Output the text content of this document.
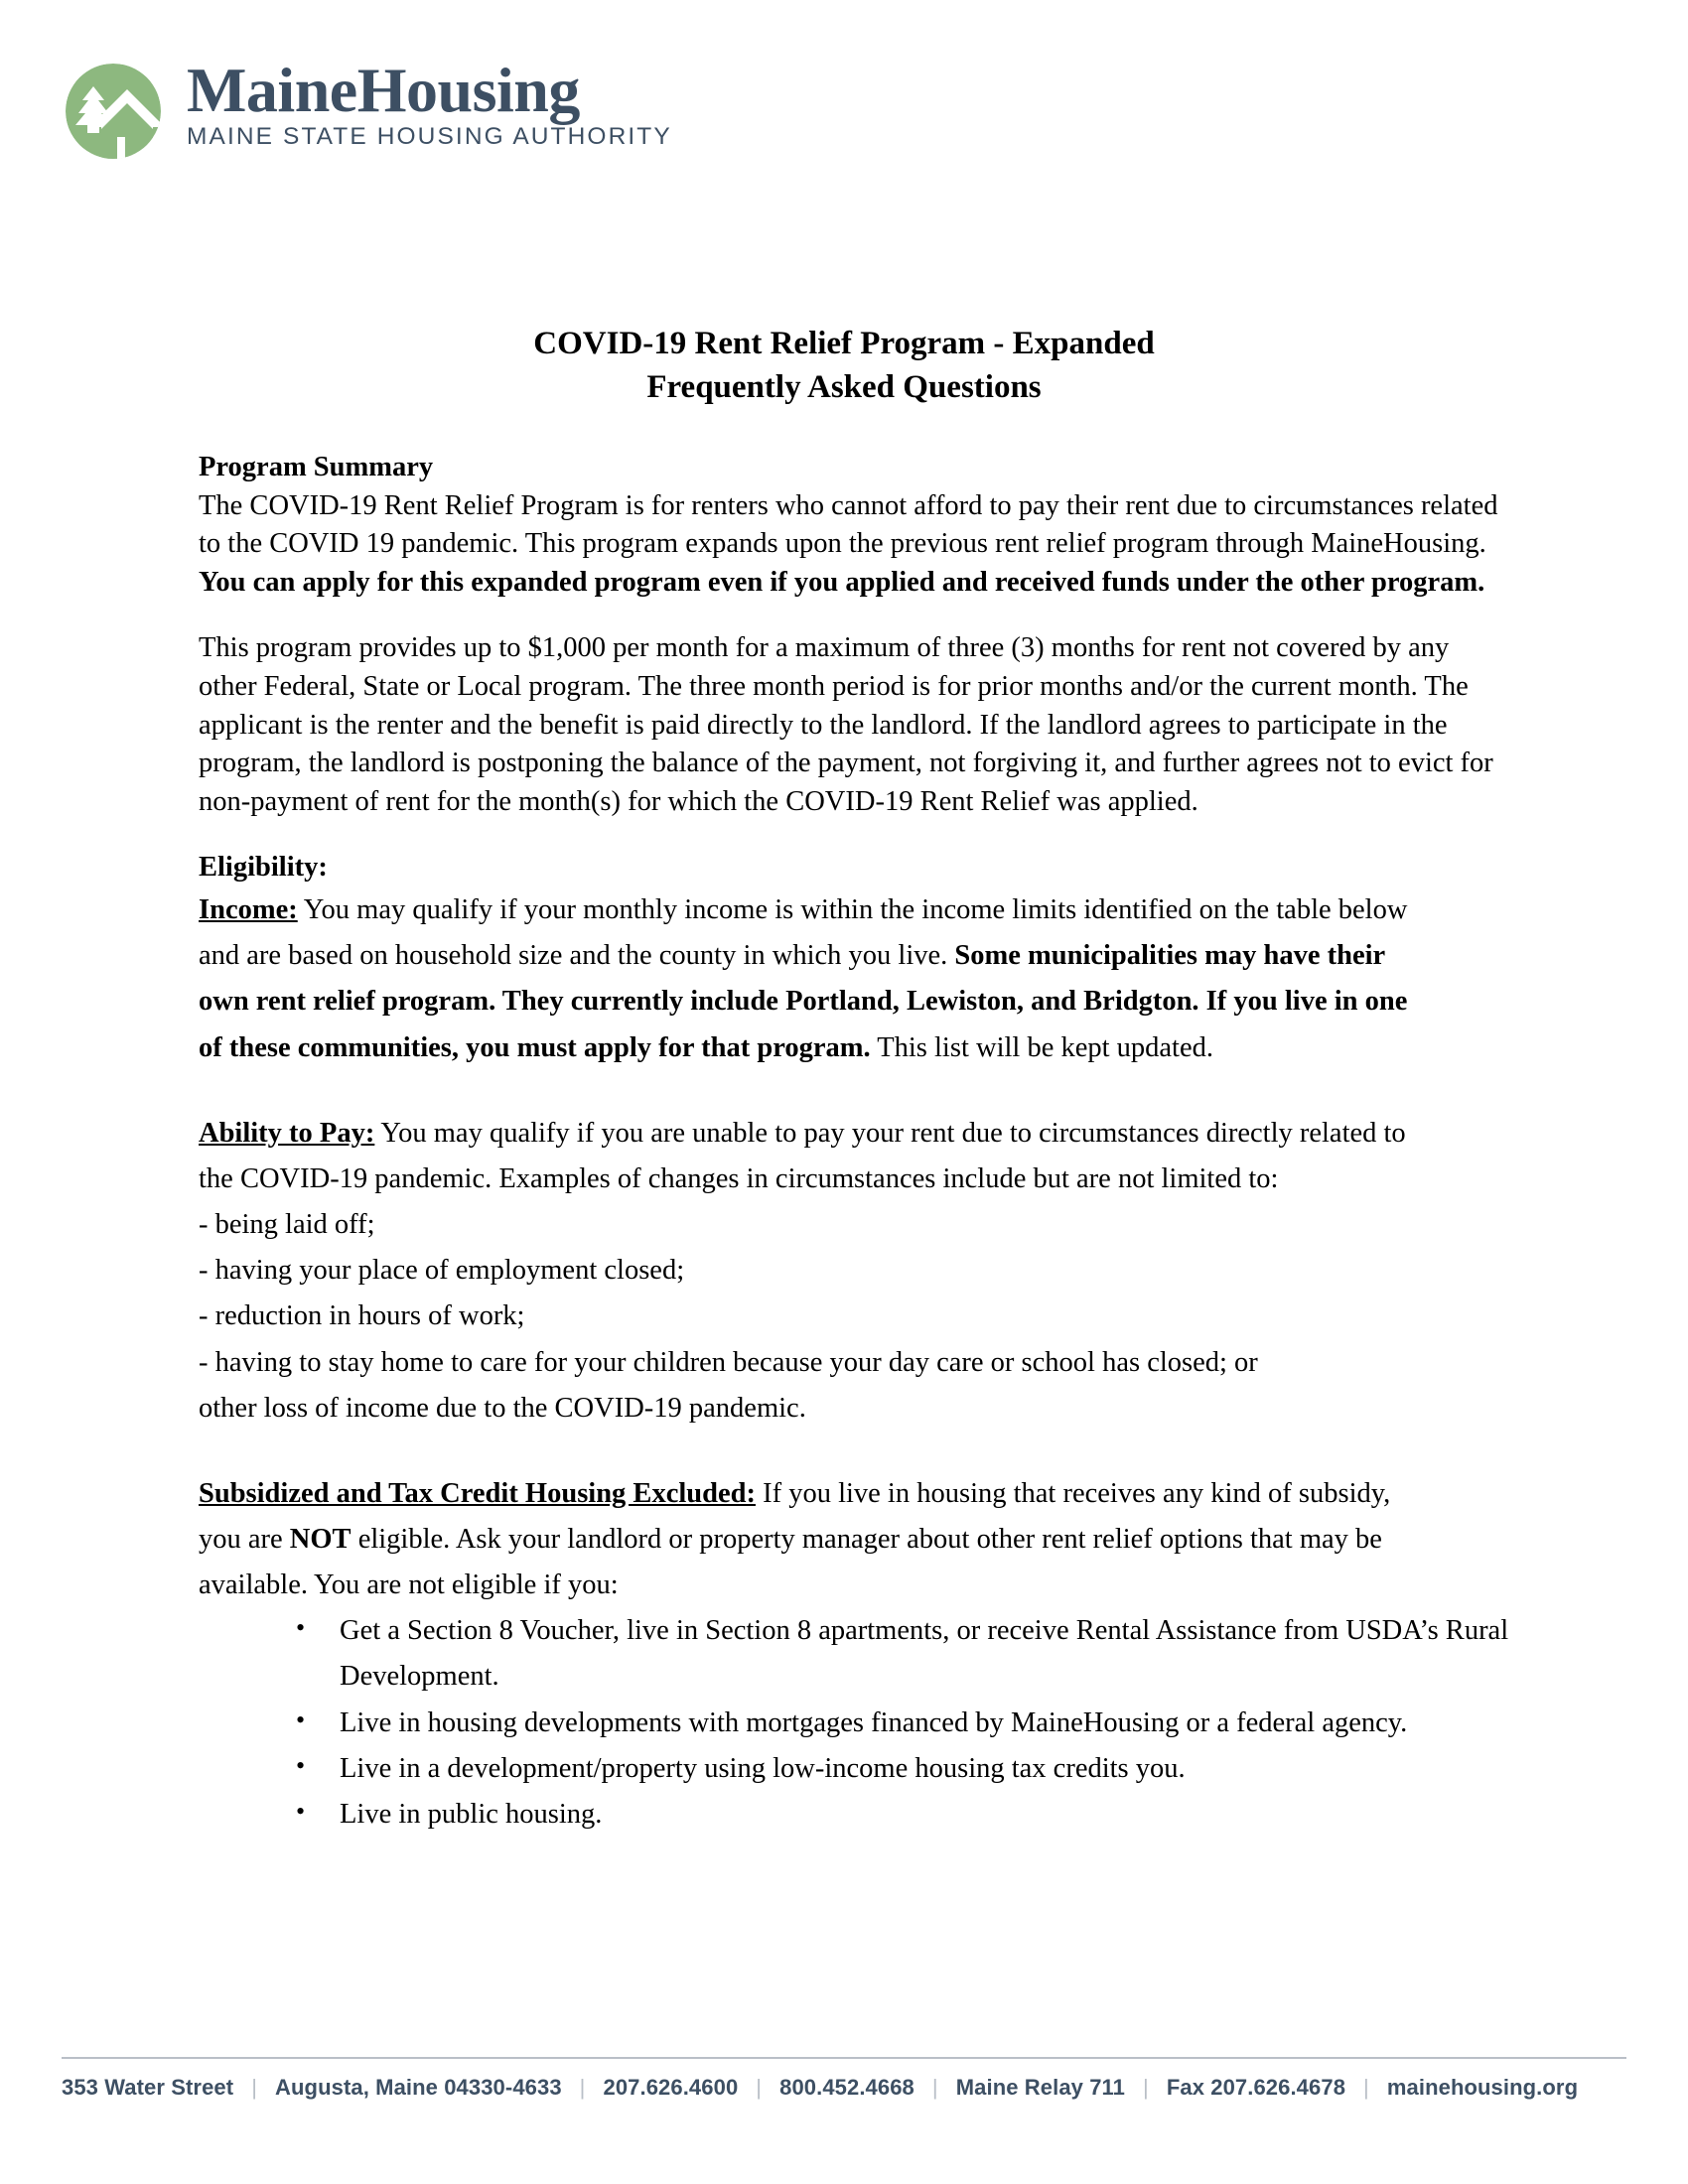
MaineHousing
MAINE STATE HOUSING AUTHORITY
COVID-19 Rent Relief Program - Expanded
Frequently Asked Questions

Program Summary

The COVID-19 Rent Relief Program is for renters who cannot afford to pay their rent due to circumstances related to the COVID 19 pandemic. This program expands upon the previous rent relief program through MaineHousing. You can apply for this expanded program even if you applied and received funds under the other program.

This program provides up to $1,000 per month for a maximum of three (3) months for rent not covered by any other Federal, State or Local program. The three month period is for prior months and/or the current month. The applicant is the renter and the benefit is paid directly to the landlord. If the landlord agrees to participate in the program, the landlord is postponing the balance of the payment, not forgiving it, and further agrees not to evict for non-payment of rent for the month(s) for which the COVID-19 Rent Relief was applied.

Eligibility:

Income: You may qualify if your monthly income is within the income limits identified on the table below and are based on household size and the county in which you live. Some municipalities may have their own rent relief program. They currently include Portland, Lewiston, and Bridgton. If you live in one of these communities, you must apply for that program. This list will be kept updated.

Ability to Pay: You may qualify if you are unable to pay your rent due to circumstances directly related to the COVID-19 pandemic. Examples of changes in circumstances include but are not limited to:

- being laid off;

- having your place of employment closed;

- reduction in hours of work;

- having to stay home to care for your children because your day care or school has closed; or

other loss of income due to the COVID-19 pandemic.

Subsidized and Tax Credit Housing Excluded: If you live in housing that receives any kind of subsidy, you are NOT eligible. Ask your landlord or property manager about other rent relief options that may be available. You are not eligible if you:

• Get a Section 8 Voucher, live in Section 8 apartments, or receive Rental Assistance from USDA’s Rural Development.
• Live in housing developments with mortgages financed by MaineHousing or a federal agency.
• Live in a development/property using low-income housing tax credits you.
• Live in public housing.
353 Water Street | Augusta, Maine 04330-4633 | 207.626.4600 | 800.452.4668 | Maine Relay 711 | Fax 207.626.4678 | mainehousing.org
